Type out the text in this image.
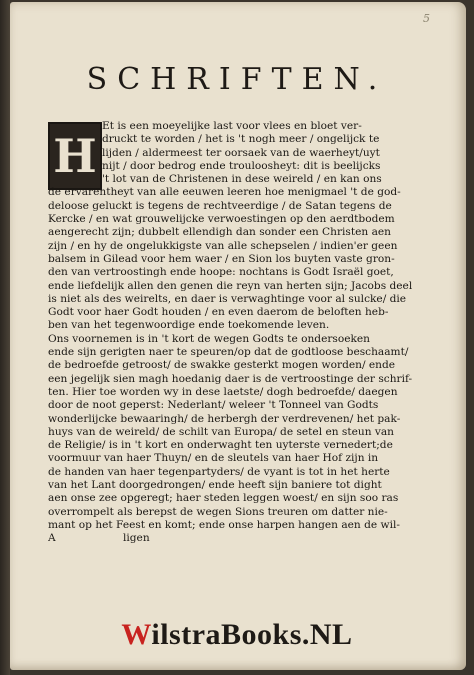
5
SCHRIFTEN.
H
Et is een moeyelijke last voor vlees en bloet ver-
druckt te worden / het is 't nogh meer / ongelijck te
lijden / aldermeest ter oorsaek van de waerheyt/uyt
nijt / door bedrog ende trouloosheyt: dit is beelijcks
't lot van de Christenen in dese weireld / en kan ons
de ervarentheyt van alle eeuwen leeren hoe menigmael 't de god-
deloose geluckt is tegens de rechtveerdige / de Satan tegens de
Kercke / en wat grouwelijcke verwoestingen op den aerdtbodem
aengerecht zijn; dubbelt ellendigh dan sonder een Christen aen
zijn / en hy de ongelukkigste van alle schepselen / indien'er geen
balsem in Gilead voor hem waer / en Sion los buyten vaste gron-
den van vertroostingh ende hoope: nochtans is Godt Israël goet,
ende liefdelijk allen den genen die reyn van herten sijn; Jacobs deel
is niet als des weirelts, en daer is verwaghtinge voor al sulcke/ die
Godt voor haer Godt houden / en even daerom de beloften heb-
ben van het tegenwoordige ende toekomende leven.
Ons voornemen is in 't kort de wegen Godts te ondersoeken
ende sijn gerigten naer te speuren/op dat de godtloose beschaamt/
de bedroefde getroost/ de swakke gesterkt mogen worden/ ende
een jegelijk sien magh hoedanig daer is de vertroostinge der schrif-
ten. Hier toe worden wy in dese laetste/ dogh bedroefde/ daegen
door de noot geperst: Nederlant/ weleer 't Tonneel van Godts
wonderlijcke bewaaringh/ de herbergh der verdrevenen/ het pak-
huys van de weireld/ de schilt van Europa/ de setel en steun van
de Religie/ is in 't kort en onderwaght ten uyterste vernedert;de
voormuur van haer Thuyn/ en de sleutels van haer Hof zijn in
de handen van haer tegenpartyders/ de vyant is tot in het herte
van het Lant doorgedrongen/ ende heeft sijn baniere tot dight
aen onse zee opgeregt; haer steden leggen woest/ en sijn soo ras
overrompelt als berepst de wegen Sions treuren om datter nie-
mant op het Feest en komt; ende onse harpen hangen aen de wil-
A                    ligen
WilstraBooks.NL
